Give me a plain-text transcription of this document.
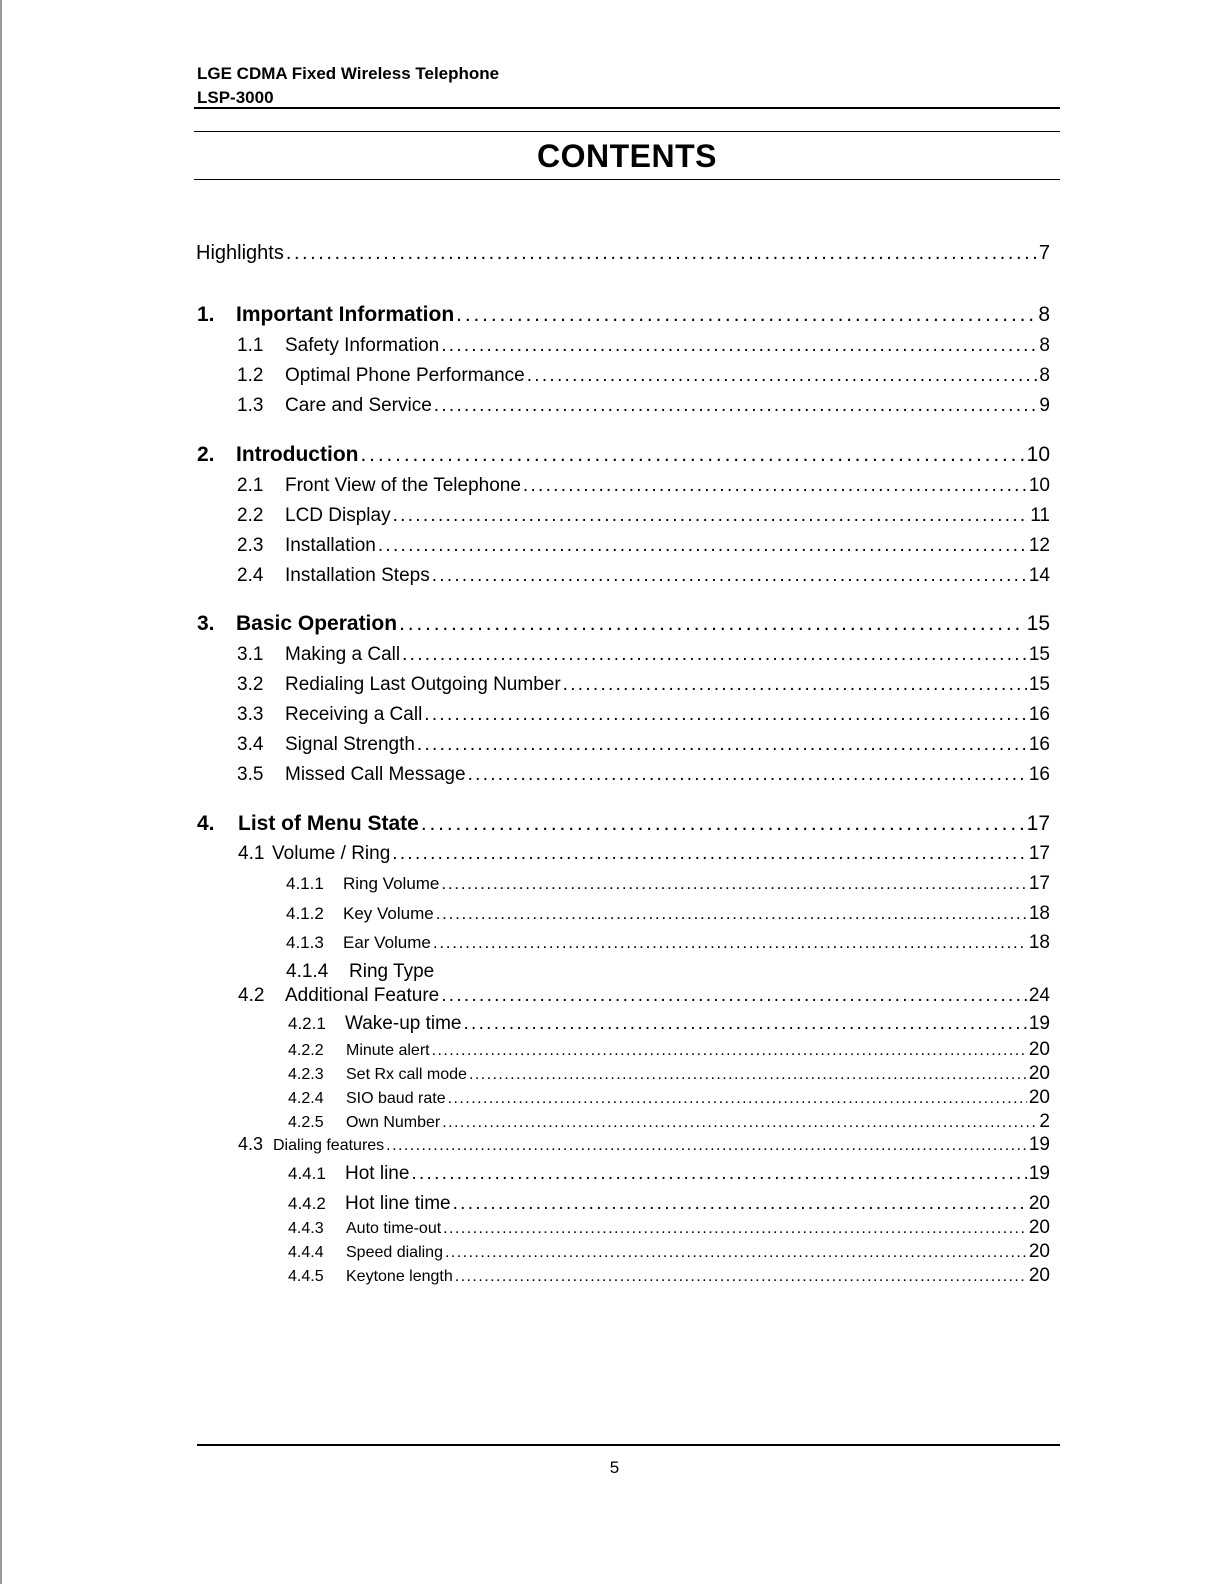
LGE CDMA Fixed Wireless Telephone
LSP-3000
CONTENTS
Highlights . . .	7
1.	Important Information . . .	8
1.1	Safety Information . . .	8
1.2	Optimal Phone Performance . . .	8
1.3	Care and Service . . .	9
2.	Introduction . . .	10
2.1	Front View of the Telephone . . .	10
2.2	LCD Display . . .	11
2.3	Installation . . .	12
2.4	Installation Steps . . .	14
3.	Basic Operation . . .	15
3.1	Making a Call . . .	15
3.2	Redialing Last Outgoing Number . . .	15
3.3	Receiving a Call . . .	16
3.4	Signal Strength . . .	16
3.5	Missed Call Message . . .	16
4.	List of Menu State . . .	17
4.1 Volume / Ring . . .	17
4.1.1	Ring Volume . . .	17
4.1.2	Key Volume . . .	18
4.1.3	Ear Volume . . .	18
4.1.4	Ring Type
4.2	Additional Feature . . .	24
4.2.1	Wake-up time . . .	19
4.2.2	Minute alert . . .	20
4.2.3	Set Rx call mode . . .	20
4.2.4	SIO baud rate . . .	20
4.2.5	Own Number . . .	2
4.3 Dialing features . . .	19
4.4.1	Hot line . . .	19
4.4.2	Hot line time . . .	20
4.4.3	Auto time-out . . .	20
4.4.4	Speed dialing . . .	20
4.4.5	Keytone length . . .	20
5
